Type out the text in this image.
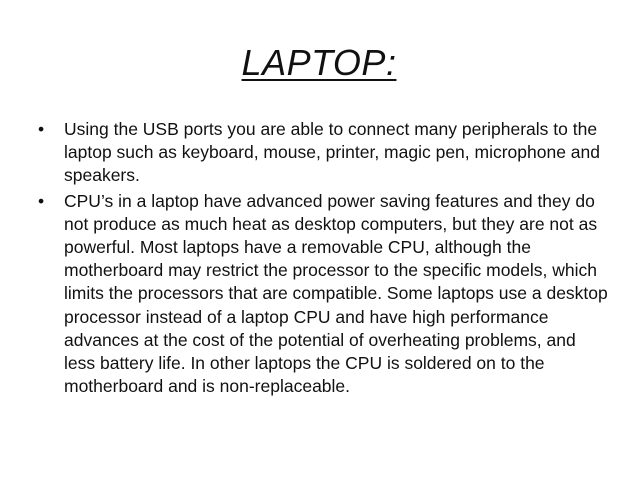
LAPTOP:
•	Using the USB ports you are able to connect many peripherals to the laptop such as keyboard, mouse, printer, magic pen, microphone and speakers.
•	CPU’s in a laptop have advanced power saving features and they do not produce as much heat as desktop computers, but they are not as powerful. Most laptops have a removable CPU, although the motherboard may restrict the processor to the specific models, which limits the processors that are compatible. Some laptops use a desktop processor instead of a laptop CPU and have high performance advances at the cost of the potential of overheating problems, and less battery life. In other laptops the CPU is soldered on to the motherboard and is non-replaceable.
